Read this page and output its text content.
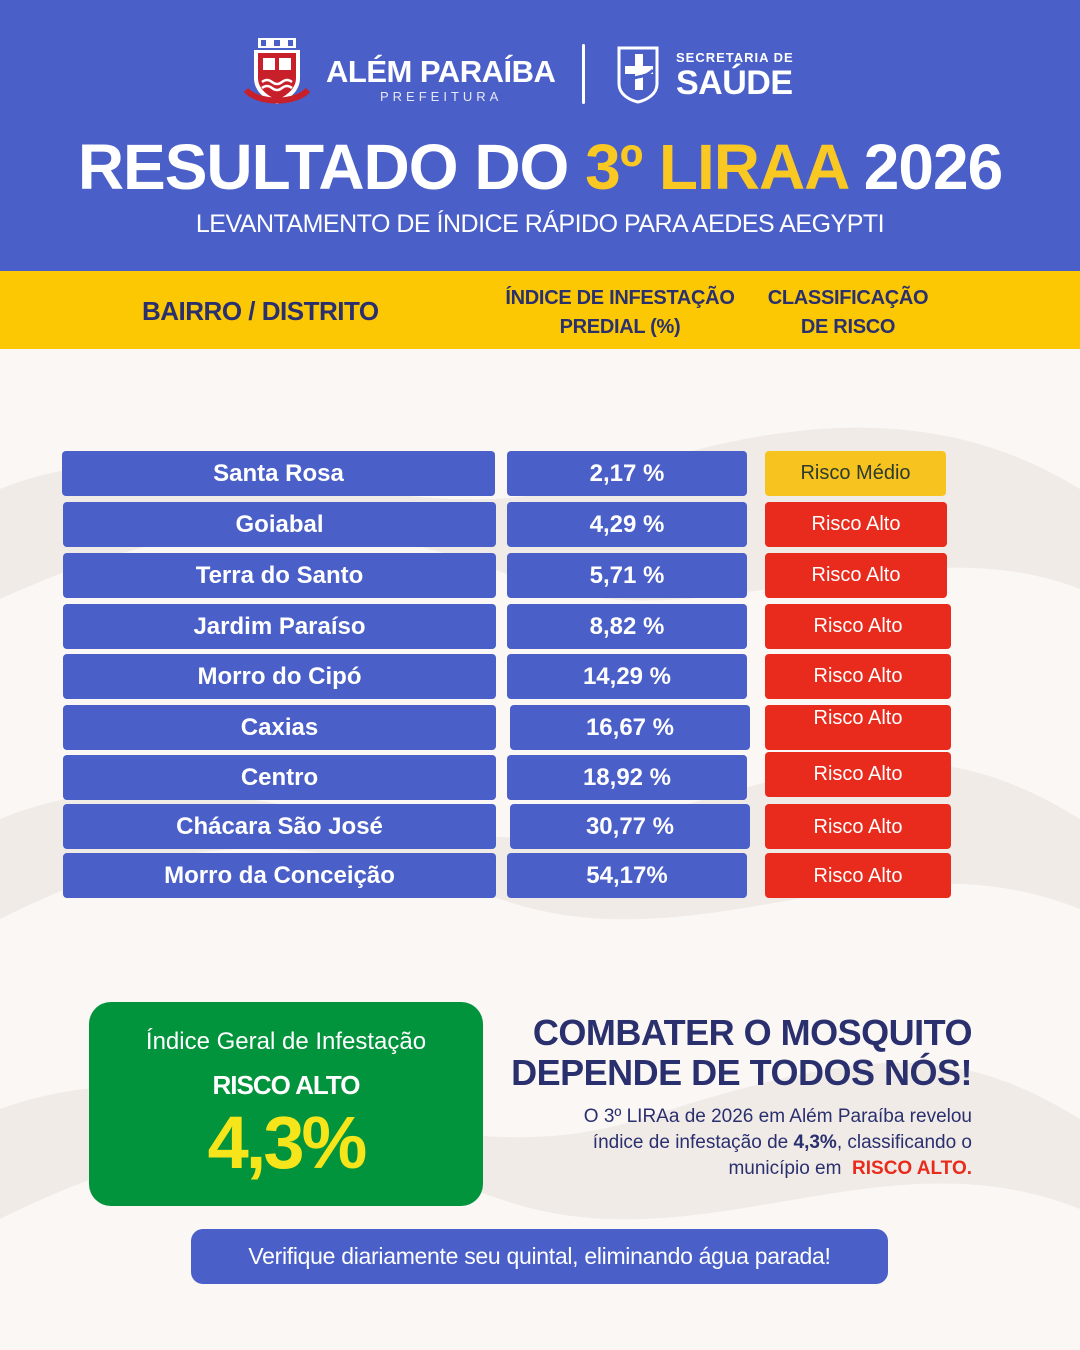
ALÉM PARAÍBA
PREFEITURA
SECRETARIA DE
SAÚDE
RESULTADO DO 3º LIRAA 2026
LEVANTAMENTO DE ÍNDICE RÁPIDO PARA AEDES AEGYPTI
BAIRRO / DISTRITO	ÍNDICE DE INFESTAÇÃO
PREDIAL (%)
CLASSIFICAÇÃO
DE RISCO
Santa Rosa	2,17 %	Risco Médio
Goiabal	4,29 %	Risco Alto
Terra do Santo	5,71 %	Risco Alto
Jardim Paraíso	8,82 %	Risco Alto
Morro do Cipó	14,29 %	Risco Alto
Caxias	16,67 %	Risco Alto
Centro	18,92 %	Risco Alto
Chácara São José	30,77 %	Risco Alto
Morro da Conceição	54,17%	Risco Alto
Índice Geral de Infestação
RISCO ALTO
4,3%
COMBATER O MOSQUITO
DEPENDE DE TODOS NÓS!
O 3º LIRAa de 2026 em Além Paraíba revelou índice de infestação de 4,3%, classificando o município em  RISCO ALTO.
Verifique diariamente seu quintal, eliminando água parada!
